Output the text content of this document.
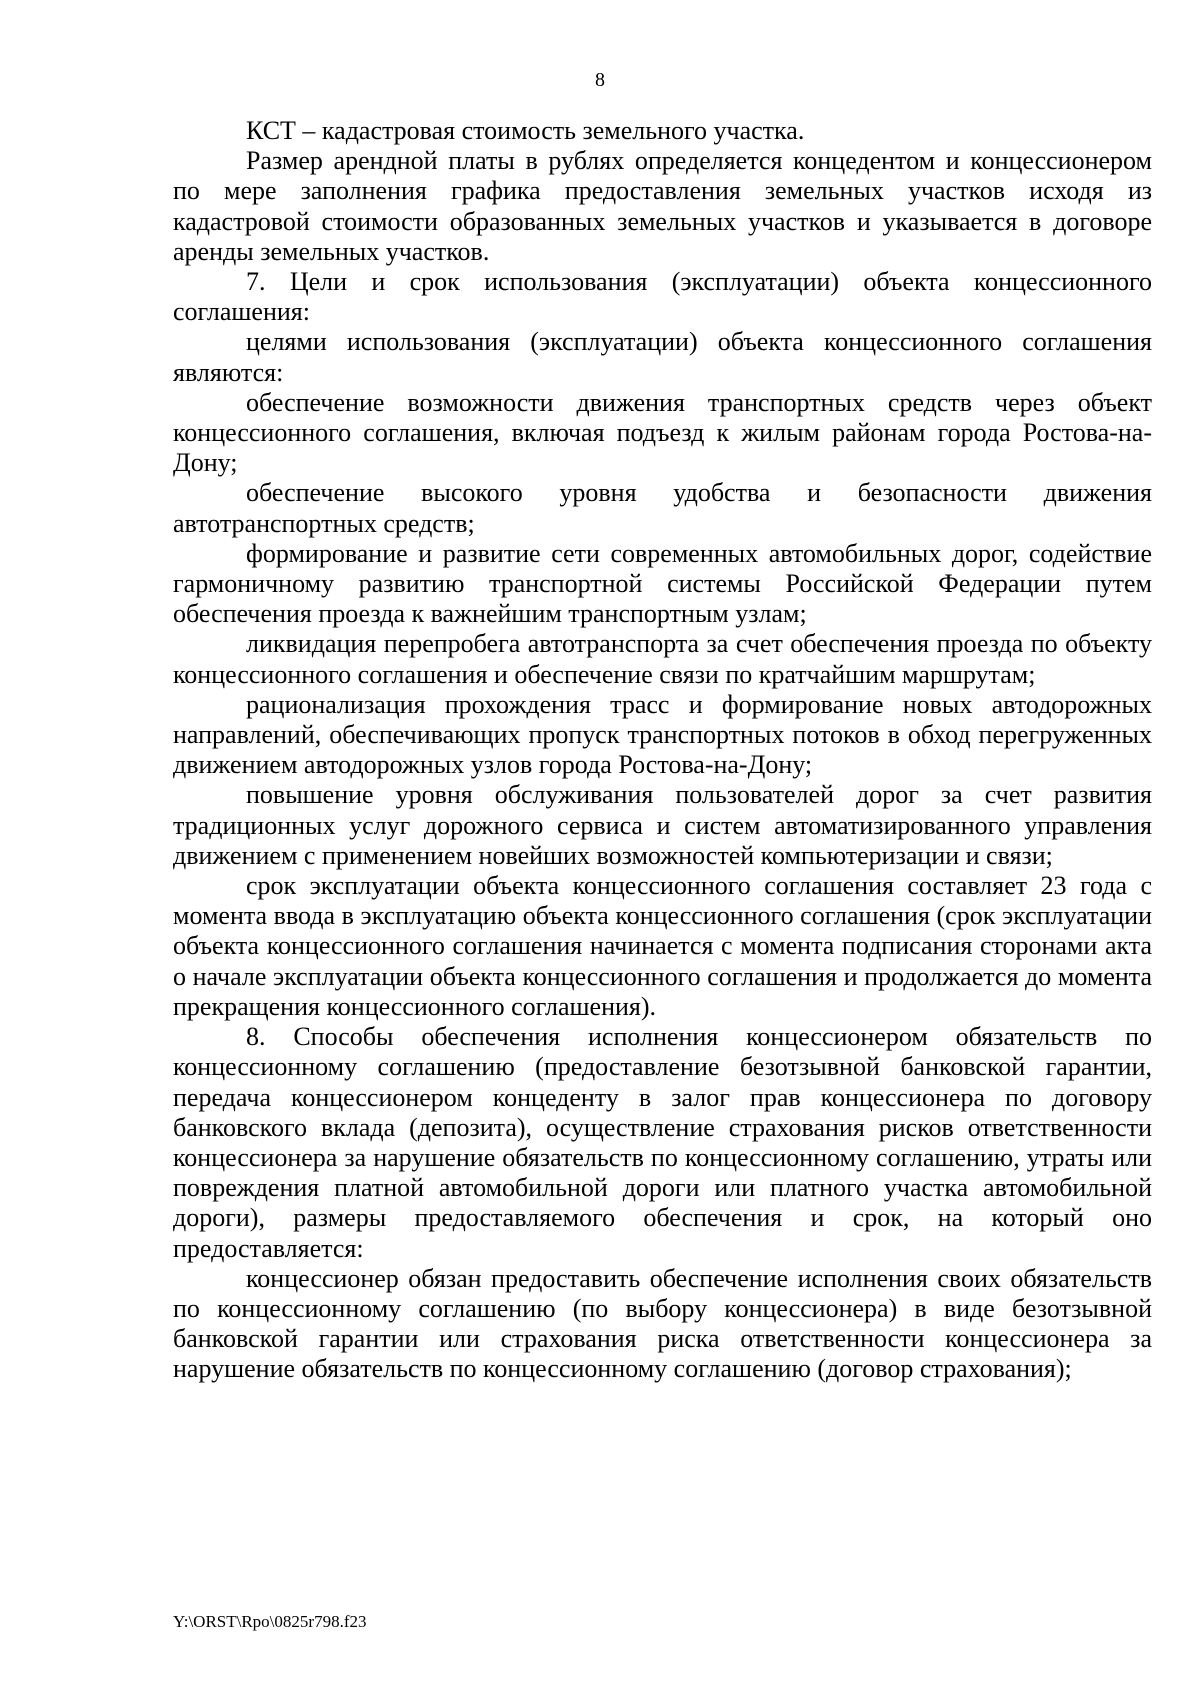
8

КСТ – кадастровая стоимость земельного участка.

Размер арендной платы в рублях определяется концедентом и концессионером по мере заполнения графика предоставления земельных участков исходя из кадастровой стоимости образованных земельных участков и указывается в договоре аренды земельных участков.

7. Цели и срок использования (эксплуатации) объекта концессионного соглашения:

целями использования (эксплуатации) объекта концессионного соглашения являются:

обеспечение возможности движения транспортных средств через объект концессионного соглашения, включая подъезд к жилым районам города Ростова-на-Дону;

обеспечение высокого уровня удобства и безопасности движения автотранспортных средств;

формирование и развитие сети современных автомобильных дорог, содействие гармоничному развитию транспортной системы Российской Федерации путем обеспечения проезда к важнейшим транспортным узлам;

ликвидация перепробега автотранспорта за счет обеспечения проезда по объекту концессионного соглашения и обеспечение связи по кратчайшим маршрутам;

рационализация прохождения трасс и формирование новых автодорожных направлений, обеспечивающих пропуск транспортных потоков в обход перегруженных движением автодорожных узлов города Ростова-на-Дону;

повышение уровня обслуживания пользователей дорог за счет развития традиционных услуг дорожного сервиса и систем автоматизированного управления движением с применением новейших возможностей компьютеризации и связи;

срок эксплуатации объекта концессионного соглашения составляет 23 года с момента ввода в эксплуатацию объекта концессионного соглашения (срок эксплуатации объекта концессионного соглашения начинается с момента подписания сторонами акта о начале эксплуатации объекта концессионного соглашения и продолжается до момента прекращения концессионного соглашения).

8. Способы обеспечения исполнения концессионером обязательств по концессионному соглашению (предоставление безотзывной банковской гарантии, передача концессионером концеденту в залог прав концессионера по договору банковского вклада (депозита), осуществление страхования рисков ответственности концессионера за нарушение обязательств по концессионному соглашению, утраты или повреждения платной автомобильной дороги или платного участка автомобильной дороги), размеры предоставляемого обеспечения и срок, на который оно предоставляется:

концессионер обязан предоставить обеспечение исполнения своих обязательств по концессионному соглашению (по выбору концессионера) в виде безотзывной банковской гарантии или страхования риска ответственности концессионера за нарушение обязательств по концессионному соглашению (договор страхования);

Y:\ORST\Rpo\0825r798.f23
